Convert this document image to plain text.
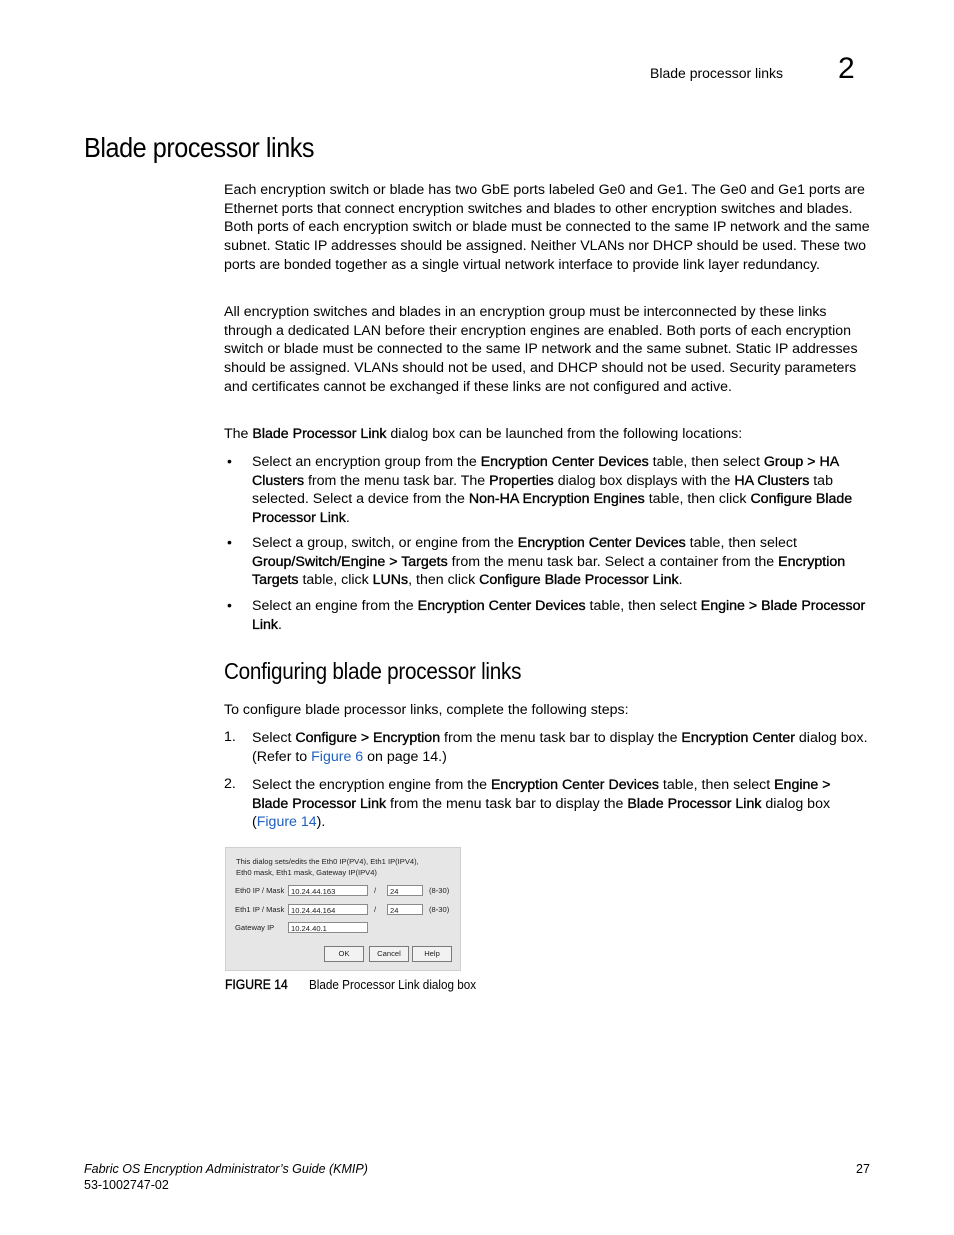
Blade processor links 2
Blade processor links
Each encryption switch or blade has two GbE ports labeled Ge0 and Ge1. The Ge0 and Ge1 ports are Ethernet ports that connect encryption switches and blades to other encryption switches and blades. Both ports of each encryption switch or blade must be connected to the same IP network and the same subnet. Static IP addresses should be assigned. Neither VLANs nor DHCP should be used. These two ports are bonded together as a single virtual network interface to provide link layer redundancy.
All encryption switches and blades in an encryption group must be interconnected by these links through a dedicated LAN before their encryption engines are enabled. Both ports of each encryption switch or blade must be connected to the same IP network and the same subnet. Static IP addresses should be assigned. VLANs should not be used, and DHCP should not be used. Security parameters and certificates cannot be exchanged if these links are not configured and active.
The Blade Processor Link dialog box can be launched from the following locations:
• Select an encryption group from the Encryption Center Devices table, then select Group > HA Clusters from the menu task bar. The Properties dialog box displays with the HA Clusters tab selected. Select a device from the Non-HA Encryption Engines table, then click Configure Blade Processor Link.
• Select a group, switch, or engine from the Encryption Center Devices table, then select Group/Switch/Engine > Targets from the menu task bar. Select a container from the Encryption Targets table, click LUNs, then click Configure Blade Processor Link.
• Select an engine from the Encryption Center Devices table, then select Engine > Blade Processor Link.
Configuring blade processor links
To configure blade processor links, complete the following steps:
1. Select Configure > Encryption from the menu task bar to display the Encryption Center dialog box. (Refer to Figure 6 on page 14.)
2. Select the encryption engine from the Encryption Center Devices table, then select Engine > Blade Processor Link from the menu task bar to display the Blade Processor Link dialog box (Figure 14).
This dialog sets/edits the Eth0 IP(PV4), Eth1 IP(IPV4),
Eth0 mask, Eth1 mask, Gateway IP(IPV4)
Eth0 IP / Mask 10.24.44.163	/	24	(8-30)
Eth1 IP / Mask 10.24.44.164	/	24	(8-30)
Gateway IP	10.24.40.1
OK	Cancel	Help
FIGURE 14 Blade Processor Link dialog box
Fabric OS Encryption Administrator’s Guide (KMIP)
53-1002747-02
27
